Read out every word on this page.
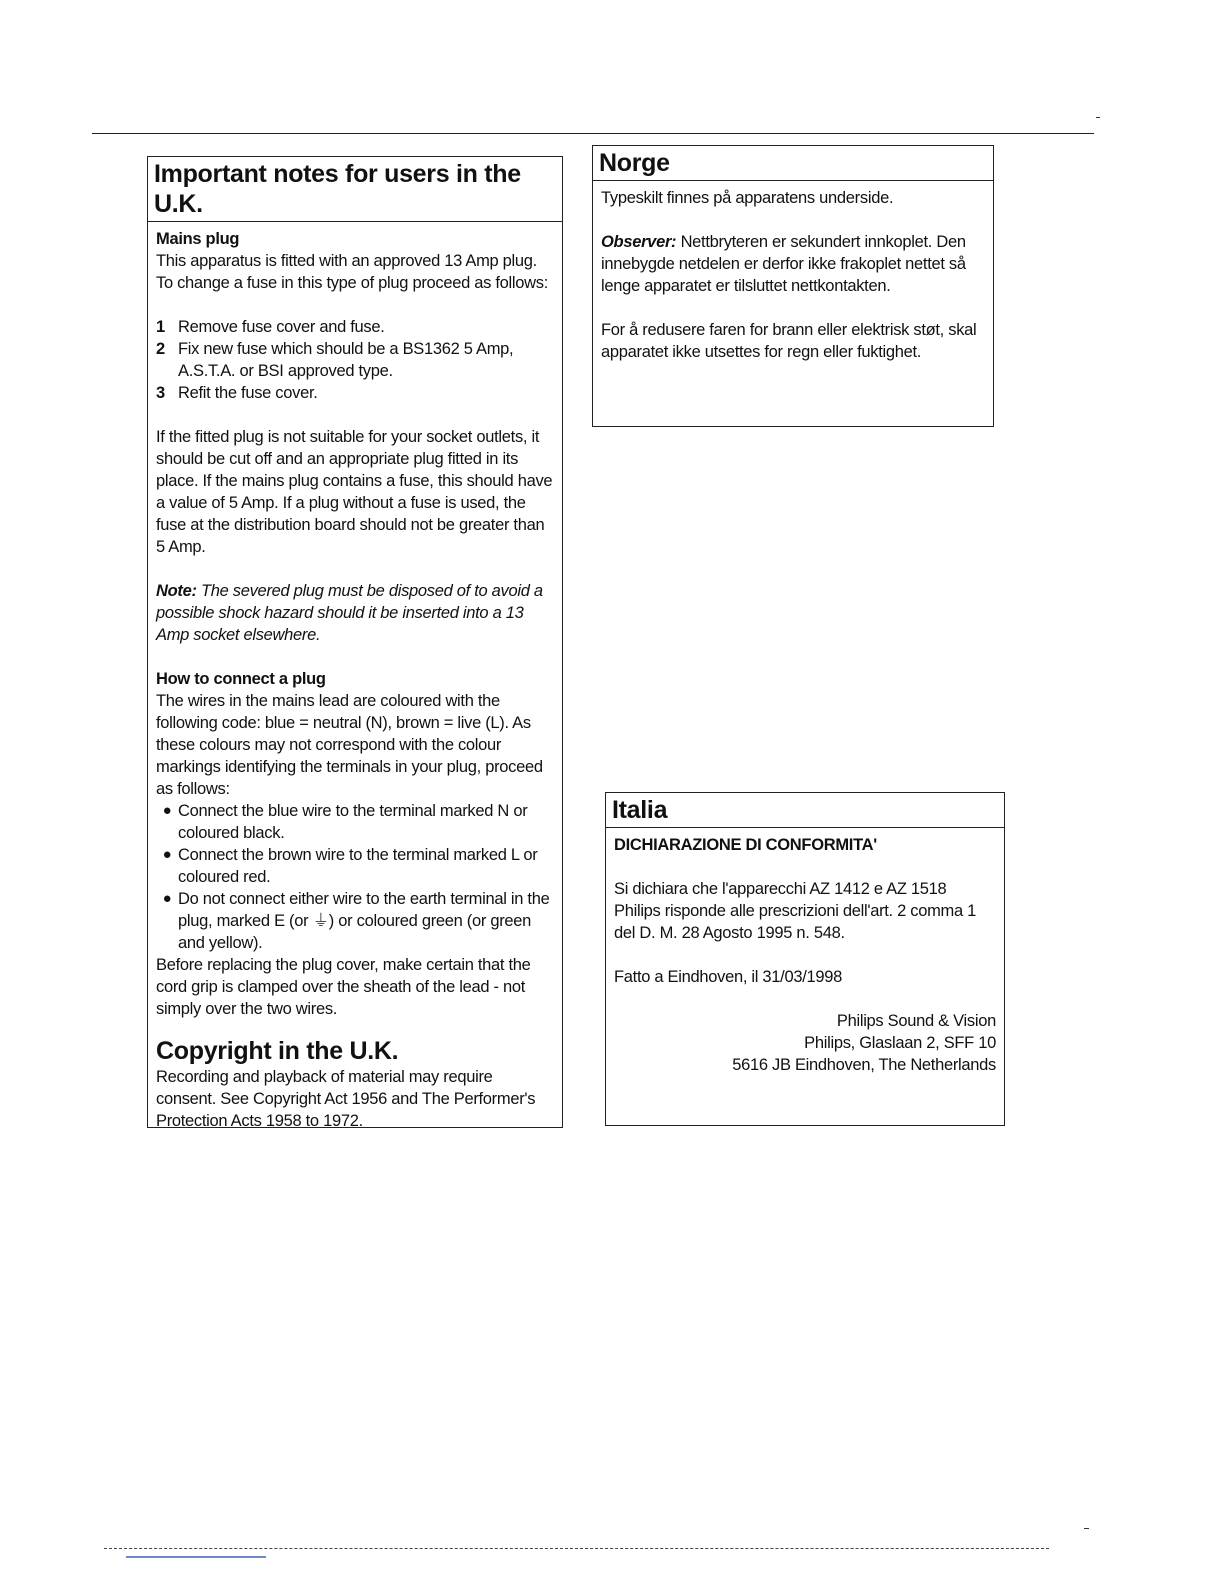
Important notes for users in the U.K.
Mains plug

This apparatus is fitted with an approved 13 Amp plug. To change a fuse in this type of plug proceed as follows:

1 Remove fuse cover and fuse.
2 Fix new fuse which should be a BS1362 5 Amp, A.S.T.A. or BSI approved type.
3 Refit the fuse cover.

If the fitted plug is not suitable for your socket outlets, it should be cut off and an appropriate plug fitted in its place. If the mains plug contains a fuse, this should have a value of 5 Amp. If a plug without a fuse is used, the fuse at the distribution board should not be greater than 5 Amp.

Note: The severed plug must be disposed of to avoid a possible shock hazard should it be inserted into a 13 Amp socket elsewhere.

How to connect a plug

The wires in the mains lead are coloured with the following code: blue = neutral (N), brown = live (L). As these colours may not correspond with the colour markings identifying the terminals in your plug, proceed as follows:

● Connect the blue wire to the terminal marked N or coloured black.
● Connect the brown wire to the terminal marked L or coloured red.
● Do not connect either wire to the earth terminal in the plug, marked E (or ⏚) or coloured green (or green and yellow).

Before replacing the plug cover, make certain that the cord grip is clamped over the sheath of the lead - not simply over the two wires.

Copyright in the U.K.

Recording and playback of material may require consent. See Copyright Act 1956 and The Performer's Protection Acts 1958 to 1972.

Norge

Typeskilt finnes på apparatens underside.

Observer: Nettbryteren er sekundert innkoplet. Den innebygde netdelen er derfor ikke frakoplet nettet så lenge apparatet er tilsluttet nettkontakten.

For å redusere faren for brann eller elektrisk støt, skal apparatet ikke utsettes for regn eller fuktighet.

Italia
DICHIARAZIONE DI CONFORMITA'

Si dichiara che l'apparecchi AZ 1412 e AZ 1518 Philips risponde alle prescrizioni dell'art. 2 comma 1 del D. M. 28 Agosto 1995 n. 548.

Fatto a Eindhoven, il 31/03/1998

Philips Sound & Vision

Philips, Glaslaan 2, SFF 10

5616 JB Eindhoven, The Netherlands
